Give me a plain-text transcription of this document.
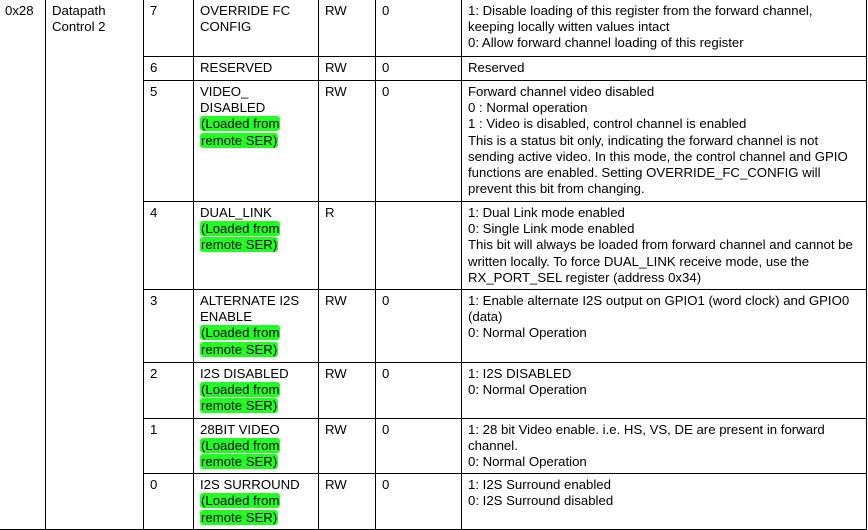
0x28	Datapath Control 2	7	OVERRIDE FC CONFIG	RW	0	1: Disable loading of this register from the forward channel, keeping locally witten values intact
0: Allow forward channel loading of this register

		6	RESERVED	RW	0	Reserved

		5	VIDEO_ DISABLED
(Loaded from remote SER)	RW	0	Forward channel video disabled
0 : Normal operation
1 : Video is disabled, control channel is enabled
This is a status bit only, indicating the forward channel is not sending active video. In this mode, the control channel and GPIO functions are enabled. Setting OVERRIDE_FC_CONFIG will prevent this bit from changing.

		4	DUAL_LINK
(Loaded from remote SER)	R		1: Dual Link mode enabled
0: Single Link mode enabled
This bit will always be loaded from forward channel and cannot be written locally. To force DUAL_LINK receive mode, use the RX_PORT_SEL register (address 0x34)

		3	ALTERNATE I2S ENABLE
(Loaded from remote SER)	RW	0	1: Enable alternate I2S output on GPIO1 (word clock) and GPIO0 (data)
0: Normal Operation

		2	I2S DISABLED
(Loaded from remote SER)	RW	0	1: I2S DISABLED
0: Normal Operation

		1	28BIT VIDEO
(Loaded from remote SER)	RW	0	1: 28 bit Video enable. i.e. HS, VS, DE are present in forward channel.
0: Normal Operation

		0	I2S SURROUND
(Loaded from remote SER)	RW	0	1: I2S Surround enabled
0: I2S Surround disabled
